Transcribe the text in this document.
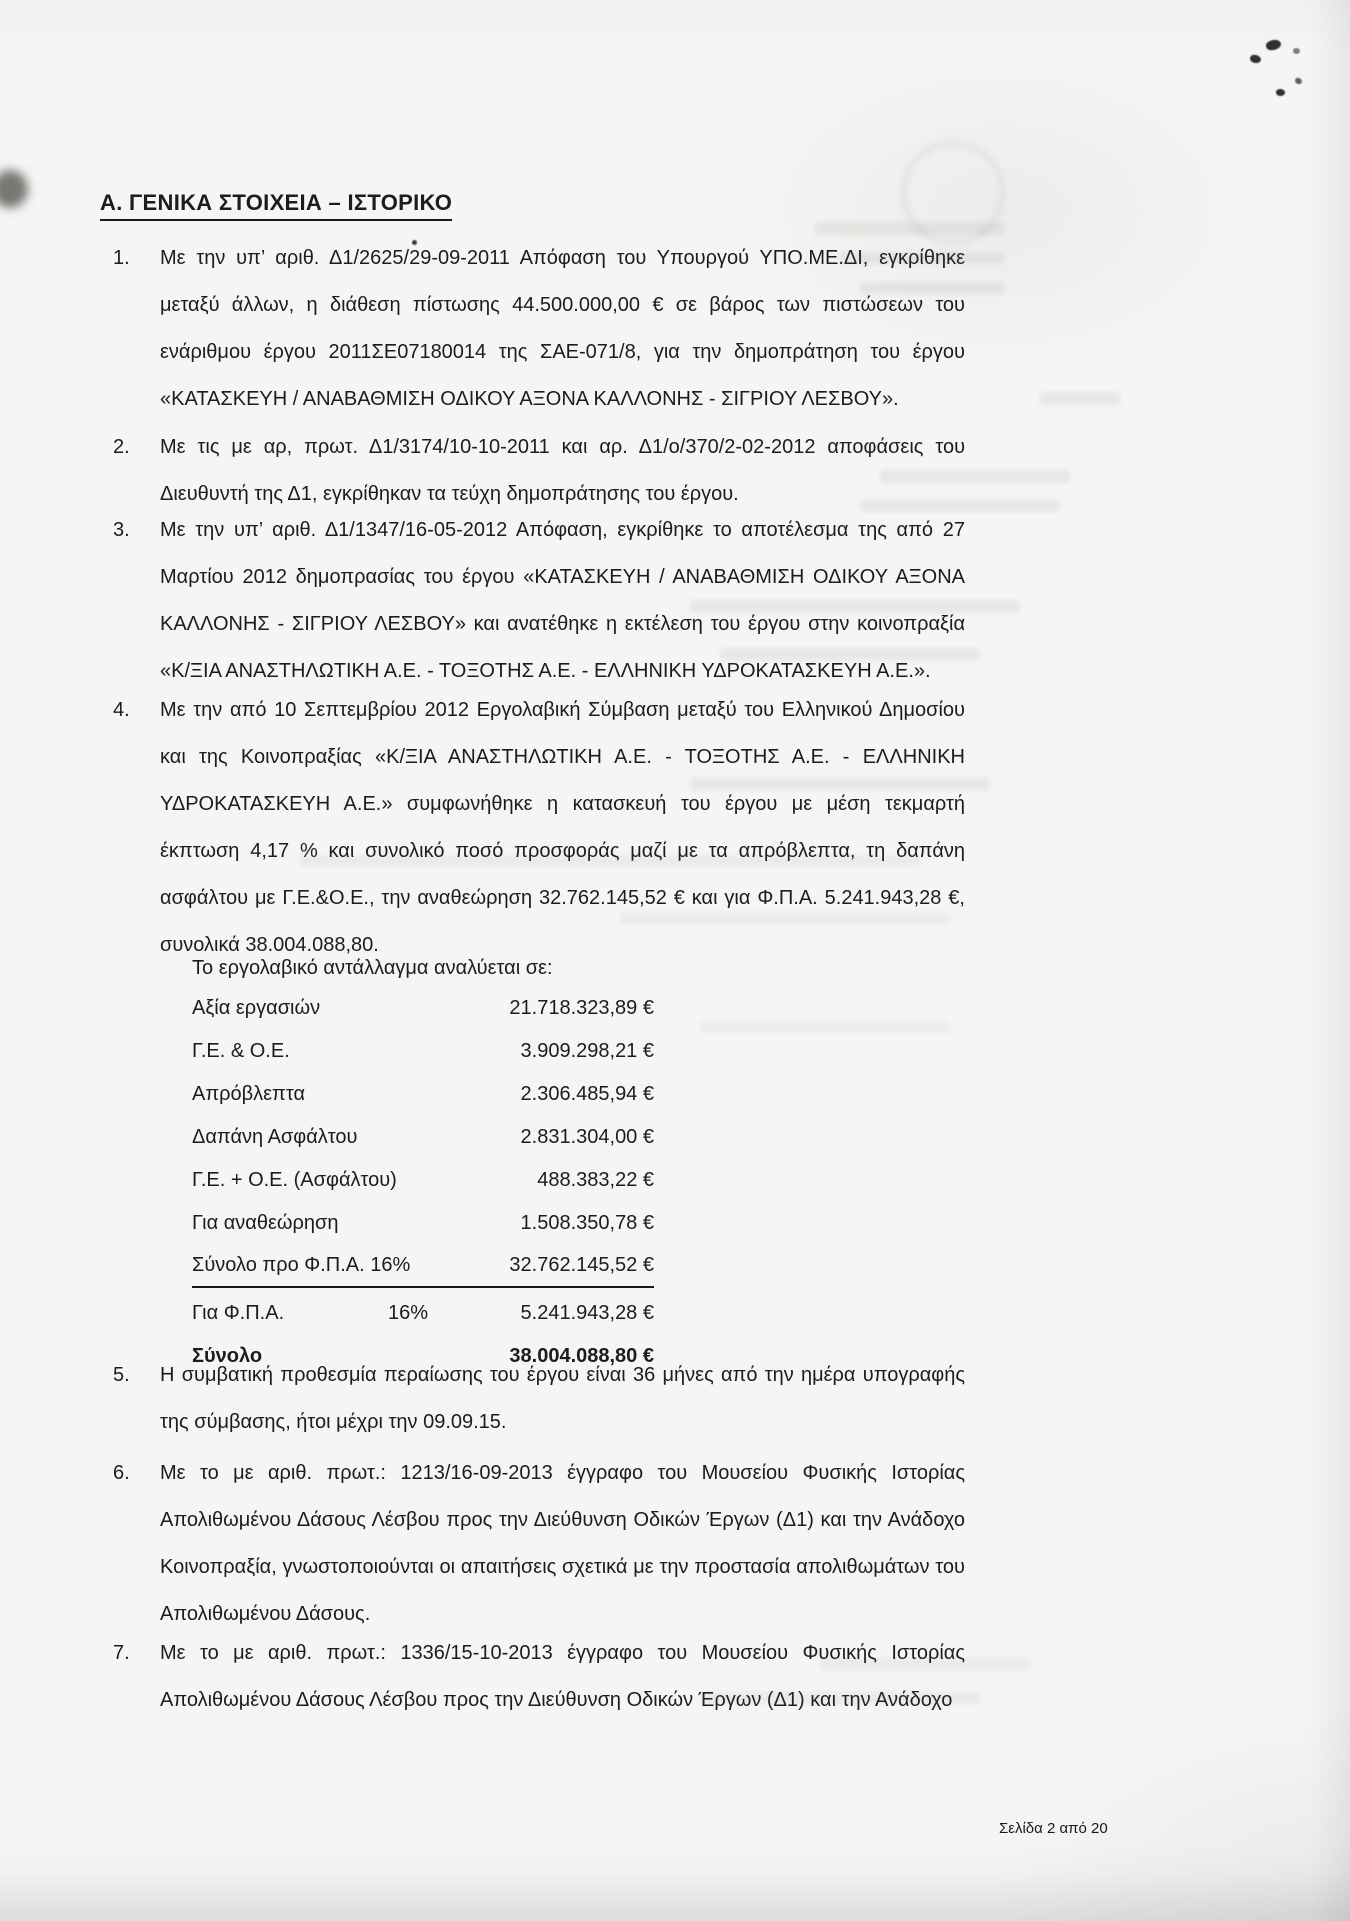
Α. ΓΕΝΙΚΑ ΣΤΟΙΧΕΙΑ – ΙΣΤΟΡΙΚΟ
1.	Με την υπ’ αριθ. Δ1/2625/29-09-2011 Απόφαση του Υπουργού ΥΠΟ.ΜΕ.ΔΙ, εγκρίθηκε μεταξύ άλλων, η διάθεση πίστωσης 44.500.000,00 € σε βάρος των πιστώσεων του ενάριθμου έργου 2011ΣΕ07180014 της ΣΑΕ-071/8, για την δημοπράτηση του έργου «ΚΑΤΑΣΚΕΥΗ / ΑΝΑΒΑΘΜΙΣΗ ΟΔΙΚΟΥ ΑΞΟΝΑ ΚΑΛΛΟΝΗΣ - ΣΙΓΡΙΟΥ ΛΕΣΒΟΥ».
2.	Με τις με αρ, πρωτ. Δ1/3174/10-10-2011 και αρ. Δ1/ο/370/2-02-2012 αποφάσεις του Διευθυντή της Δ1, εγκρίθηκαν τα τεύχη δημοπράτησης του έργου.
3.	Με την υπ’ αριθ. Δ1/1347/16-05-2012 Απόφαση, εγκρίθηκε το αποτέλεσμα της από 27 Μαρτίου 2012 δημοπρασίας του έργου «ΚΑΤΑΣΚΕΥΗ / ΑΝΑΒΑΘΜΙΣΗ ΟΔΙΚΟΥ ΑΞΟΝΑ ΚΑΛΛΟΝΗΣ - ΣΙΓΡΙΟΥ ΛΕΣΒΟΥ» και ανατέθηκε η εκτέλεση του έργου στην κοινοπραξία «Κ/ΞΙΑ ΑΝΑΣΤΗΛΩΤΙΚΗ Α.Ε. - ΤΟΞΟΤΗΣ Α.Ε. - ΕΛΛΗΝΙΚΗ ΥΔΡΟΚΑΤΑΣΚΕΥΗ Α.Ε.».
4.	Με την από 10 Σεπτεμβρίου 2012 Εργολαβική Σύμβαση μεταξύ του Ελληνικού Δημοσίου και της Κοινοπραξίας «Κ/ΞΙΑ ΑΝΑΣΤΗΛΩΤΙΚΗ Α.Ε. - ΤΟΞΟΤΗΣ Α.Ε. - ΕΛΛΗΝΙΚΗ ΥΔΡΟΚΑΤΑΣΚΕΥΗ Α.Ε.» συμφωνήθηκε η κατασκευή του έργου με μέση τεκμαρτή έκπτωση 4,17 % και συνολικό ποσό προσφοράς μαζί με τα απρόβλεπτα, τη δαπάνη ασφάλτου με Γ.Ε.&Ο.Ε., την αναθεώρηση 32.762.145,52 € και για Φ.Π.Α. 5.241.943,28 €, συνολικά 38.004.088,80.
Το εργολαβικό αντάλλαγμα αναλύεται σε:
Αξία εργασιών	21.718.323,89 €
Γ.Ε. & Ο.Ε.	3.909.298,21 €
Απρόβλεπτα	2.306.485,94 €
Δαπάνη Ασφάλτου	2.831.304,00 €
Γ.Ε. + Ο.Ε. (Ασφάλτου)	488.383,22 €
Για αναθεώρηση	1.508.350,78 €
Σύνολο προ Φ.Π.Α. 16%	32.762.145,52 €
Για Φ.Π.Α.	16%	5.241.943,28 €
Σύνολο	38.004.088,80 €
5.	Η συμβατική προθεσμία περαίωσης του έργου είναι 36 μήνες από την ημέρα υπογραφής της σύμβασης, ήτοι μέχρι την 09.09.15.
6.	Με το με αριθ. πρωτ.: 1213/16-09-2013 έγγραφο του Μουσείου Φυσικής Ιστορίας Απολιθωμένου Δάσους Λέσβου προς την Διεύθυνση Οδικών Έργων (Δ1) και την Ανάδοχο Κοινοπραξία, γνωστοποιούνται οι απαιτήσεις σχετικά με την προστασία απολιθωμάτων του Απολιθωμένου Δάσους.
7.	Με το με αριθ. πρωτ.: 1336/15-10-2013 έγγραφο του Μουσείου Φυσικής Ιστορίας Απολιθωμένου Δάσους Λέσβου προς την Διεύθυνση Οδικών Έργων (Δ1) και την Ανάδοχο
Σελίδα 2 από 20
